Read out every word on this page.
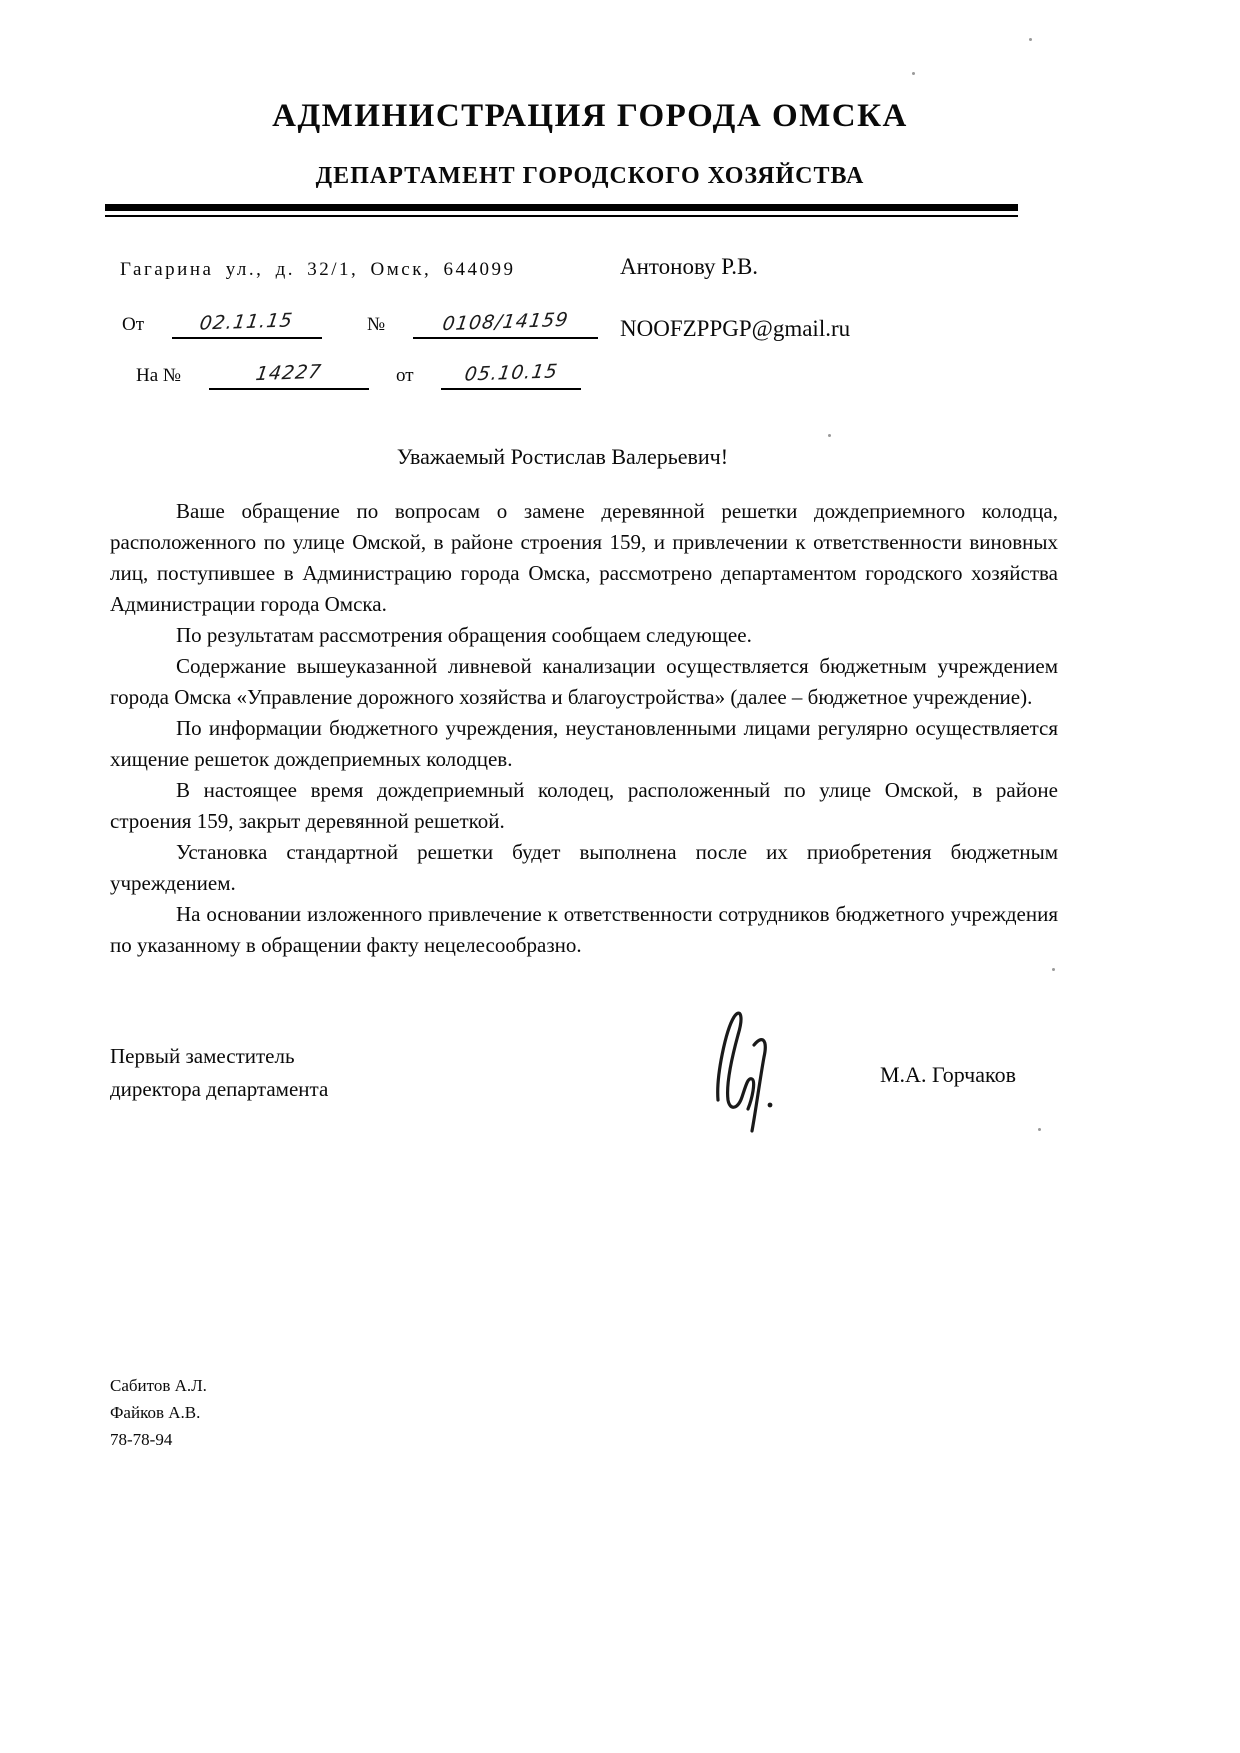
АДМИНИСТРАЦИЯ ГОРОДА ОМСКА
ДЕПАРТАМЕНТ ГОРОДСКОГО ХОЗЯЙСТВА
Гагарина ул., д. 32/1, Омск, 644099	Антонову Р.В.
NOOFZPPGP@gmail.ru
От	02.11.15	№	0108/14159
На №	14227	от	05.10.15
Уважаемый Ростислав Валерьевич!

Ваше обращение по вопросам о замене деревянной решетки дождеприемного колодца, расположенного по улице Омской, в районе строения 159, и привлечении к ответственности виновных лиц, поступившее в Администрацию города Омска, рассмотрено департаментом городского хозяйства Администрации города Омска.

По результатам рассмотрения обращения сообщаем следующее.

Содержание вышеуказанной ливневой канализации осуществляется бюджетным учреждением города Омска «Управление дорожного хозяйства и благоустройства» (далее – бюджетное учреждение).

По информации бюджетного учреждения, неустановленными лицами регулярно осуществляется хищение решеток дождеприемных колодцев.

В настоящее время дождеприемный колодец, расположенный по улице Омской, в районе строения 159, закрыт деревянной решеткой.

Установка стандартной решетки будет выполнена после их приобретения бюджетным учреждением.

На основании изложенного привлечение к ответственности сотрудников бюджетного учреждения по указанному в обращении факту нецелесообразно.

Первый заместитель
директора департамента
М.А. Горчаков
Сабитов А.Л.
Файков А.В.
78-78-94
